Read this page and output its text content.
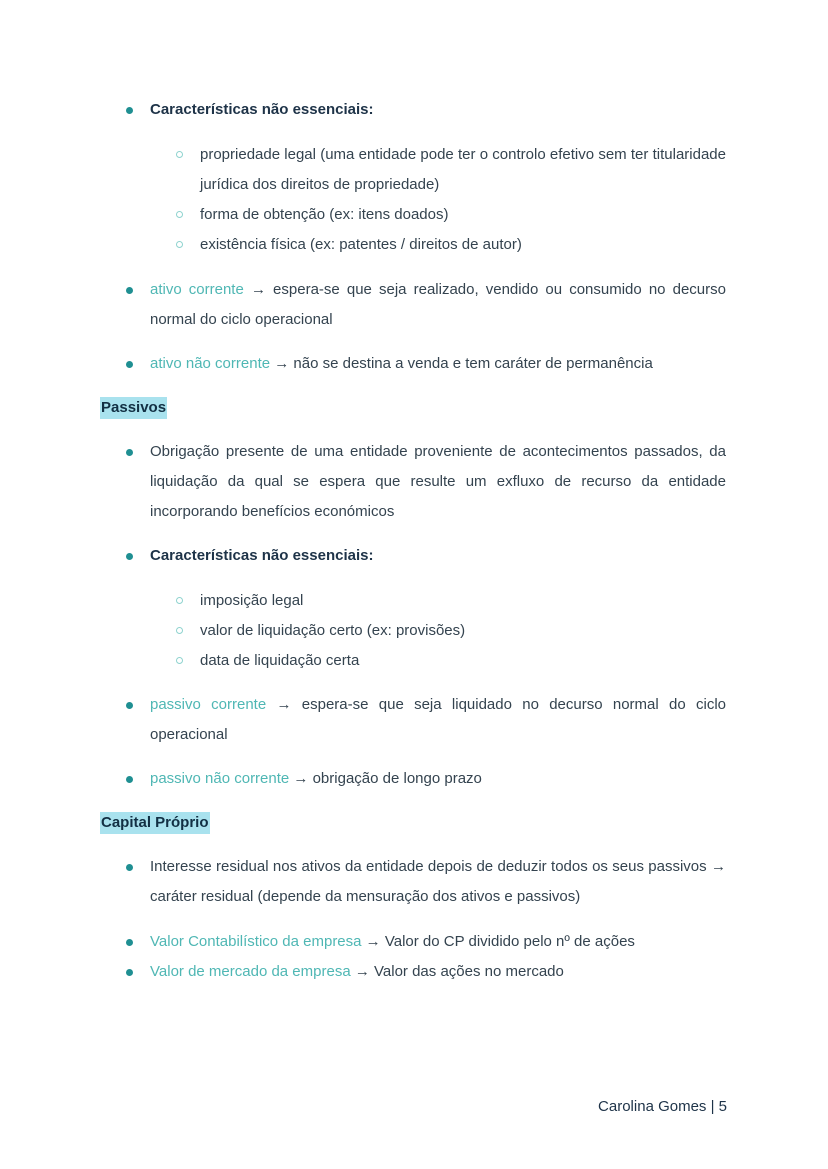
Características não essenciais:
propriedade legal (uma entidade pode ter o controlo efetivo sem ter titularidade jurídica dos direitos de propriedade)
forma de obtenção (ex: itens doados)
existência física (ex: patentes / direitos de autor)
ativo corrente → espera-se que seja realizado, vendido ou consumido no decurso normal do ciclo operacional
ativo não corrente → não se destina a venda e tem caráter de permanência
Passivos
Obrigação presente de uma entidade proveniente de acontecimentos passados, da liquidação da qual se espera que resulte um exfluxo de recurso da entidade incorporando benefícios económicos
Características não essenciais:
imposição legal
valor de liquidação certo (ex: provisões)
data de liquidação certa
passivo corrente → espera-se que seja liquidado no decurso normal do ciclo operacional
passivo não corrente → obrigação de longo prazo
Capital Próprio
Interesse residual nos ativos da entidade depois de deduzir todos os seus passivos → caráter residual (depende da mensuração dos ativos e passivos)
Valor Contabilístico da empresa → Valor do CP dividido pelo nº de ações
Valor de mercado da empresa → Valor das ações no mercado
Carolina Gomes | 5
